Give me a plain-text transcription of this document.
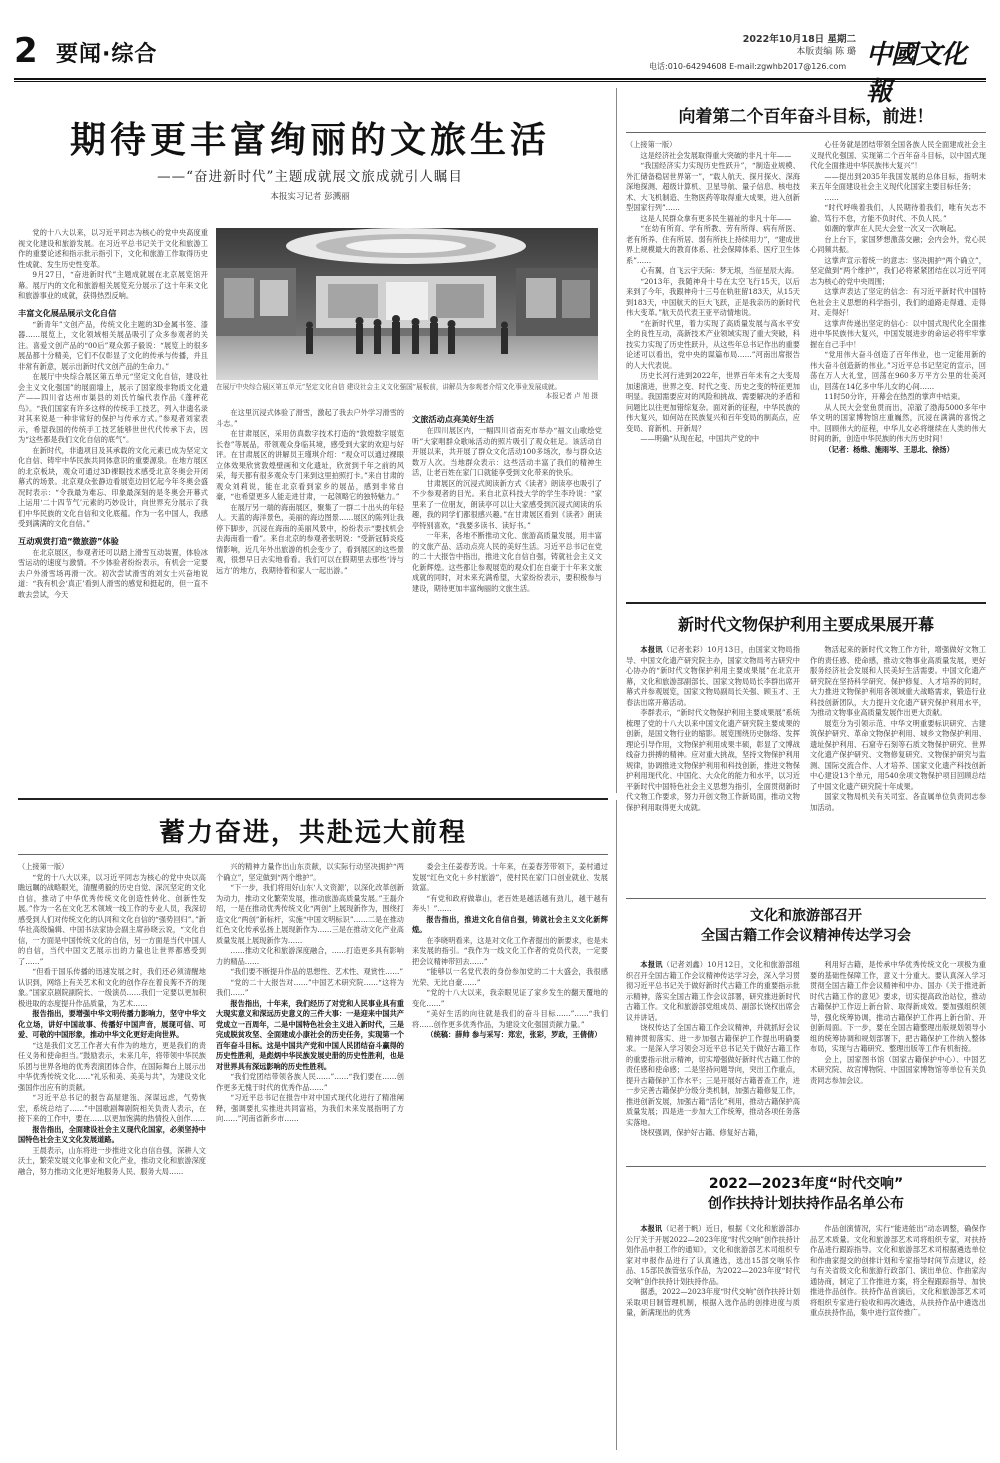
2 要闻·综合
2022年10月18日 星期二
本版责编 陈 璐
电话:010-64294608 E-mail:zgwhb2017@126.com 中國文化報
期待更丰富绚丽的文旅生活
——“奋进新时代”主题成就展文旅成就引人瞩目
本报实习记者 彭溅丽

党的十八大以来，以习近平同志为核心的党中央高度重视文化建设和旅游发展。在习近平总书记关于文化和旅游工作的重要论述和指示批示指引下，文化和旅游工作取得历史性成就、发生历史性变革。

9月27日，“奋进新时代”主题成就展在北京展览馆开幕。展厅内的文化和旅游相关展览充分展示了这十年来文化和旅游事业的成就，获得热烈反响。

丰富文化展品展示文化自信

“新青年”文创产品，传统文化主题的3D金属书签、漆器……展览上，文化领域相关展品吸引了众多参观者的关注。喜爱文创产品的“00后”观众郭子毅说：“展览上的很多展品都十分精美，它们不仅彰显了文化的传承与传播，并且非常有新意，展示出新时代文创产品的生命力。”

在展厅中央综合展区第五单元“坚定文化自信，建设社会主义文化强国”的展面墙上，展示了国家级非物质文化遗产——四川省达州市渠县的刘氏竹编代表作品《蓬秤花鸟》。“我们国家有许多这样的传统手工技艺，列入非遗名录对其来说是一种非常好的保护与传承方式。”参观者刘家表示，希望我国的传统手工技艺能够世世代代传承下去，因为“这些都是我们文化自信的底气”。

在新时代，非遗项目及其承载的文化元素已成为坚定文化自信、铸牢中华民族共同体意识的重要源泉。在地方展区的北京板块，观众可通过3D裸眼技术感受北京冬奥会开闭幕式的场景。北京观众张静边看展览边回忆起今年冬奥会盛况时表示：“令我最为难忘、印象最深刻的是冬奥会开幕式上运用‘二十四节气’元素的巧妙设计，向世界充分展示了我们中华民族的文化自信和文化底蕴。作为一名中国人，我感受到满满的文化自信。”

互动观赏打造“微旅游”体验

在北京展区，参观者还可以踏上滑雪互动装置，体验冰雪运动的速度与激情。不少体验者纷纷表示，有机会一定要去户外滑雪场再滑一次。初次尝试滑雪的刘女士兴奋地说道：“我有机会‘真正’看到人滑雪的感觉和挺起的，但一直不敢去尝试，今天

在展厅中央综合展区第五单元“坚定文化自信 建设社会主义文化强国”展板前，讲解员为参观者介绍文化事业发展成就。
本报记者 卢 旭 摄

在这里沉浸式体验了滑雪，激起了我去户外学习滑雪的斗志。”

在甘肃展区，采用仿真数字技术打造的“敦煌数字展览长卷”等展品，带领观众身临其境，感受到大家的欢迎与好评。在甘肃展区的讲解员王瑾琪介绍：“观众可以通过裸眼立体效果欣赏敦煌壁画和文化遗址，欣赏到千年之前的风采，每天都有很多观众专门来到这里拍照打卡。”来自甘肃的观众刘莉说，能在北京看到家乡的展品，感到非常自豪，“也希望更多人能走进甘肃，一起领略它的独特魅力。”

在展厅另一端的海南展区，聚集了一群二十出头的年轻人。天蓝的海洋景色，美丽的海边图景……展区的陈列让我停下脚步，沉浸在海南的美丽风景中，纷纷表示“要找机会去海南看一看”。来自北京的参观者张明说：“受新冠肺炎疫情影响，近几年外出旅游的机会变少了，看到展区的这些景观，很想早日去实地看看。我们可以在假期里去那些‘诗与远方’的地方，我期待着和家人一起出游。”

文旅活动点亮美好生活

在四川展区内，一幅四川省南充市举办“福文山歌绘党听”大家唱群众歌咏活动的照片吸引了观众驻足。该活动自开展以来，共开展了群众文化活动100多场次，参与群众达数万人次。当地群众表示：这些活动丰富了我们的精神生活，让老百姓在家门口就能享受到文化带来的快乐。

甘肃展区的沉浸式阅读新方式《读者》朗读亭也吸引了不少参观者的目光。来自北京科技大学的学生李玲说：“家里来了一位朋友，朗读亭可以让大家感受到沉浸式阅读的乐趣，我的同学们都很感兴趣。”在甘肃展区看到《读者》朗读亭特别喜欢，“我要多读书、读好书。”

一年来，各地不断推动文化、旅游高质量发展，用丰富的文旅产品、活动点亮人民的美好生活。习近平总书记在党的二十大报告中指出，推进文化自信自强，铸就社会主义文化新辉煌。这些都让参观展览的观众们在自豪于十年来文旅成就的同时，对未来充满希望，大家纷纷表示，要积极参与建设，期待更加丰富绚丽的文旅生活。

向着第二个百年奋斗目标，前进！
（上接第一版）

这是经济社会发展取得重大突破的非凡十年——

“我国经济实力实现历史性跃升”，“制造业规模、外汇储备稳居世界第一”，“载人航天、探月探火、深海深地探测、超级计算机、卫星导航、量子信息、核电技术、大飞机制造、生物医药等取得重大成果，进入创新型国家行列”……

这是人民群众拿有更多民生福祉的非凡十年——

“在幼有所育、学有所教、劳有所得、病有所医、老有所养、住有所居、弱有所扶上持续用力”，“建成世界上规模最大的教育体系、社会保障体系、医疗卫生体系”……

心有翼，自飞云宇天际：梦无垠，当征星辰大海。

“2013年，我随神舟十号在太空飞行15天，以后来到了今年，我跟神舟十三号在轨驻留183天，从15天到183天，中国航天的巨大飞跃，正是我亲历的新时代伟大变革。”航天员代表王亚平动情地说。

“在新时代里，着力实现了高质量发展与高水平安全的良性互动，高新技术产业领域实现了重大突破，科技实力实现了历史性跃升，从这些年总书记作出的重要论述可以看出，党中央的谋篇布局……”河南出席报告的人大代表说。

历史长河行进到2022年，世界百年未有之大变局加速演进，世界之变、时代之变、历史之变的特征更加明显。我国需要应对的风险和挑战、需要解决的矛盾和问题比以往更加错综复杂。面对新的征程，中华民族的伟大复兴，如何站在民族复兴和百年变局的制高点，应变局、育新机、开新局？

——明确“从现在起，中国共产党的中

心任务就是团结带领全国各族人民全面建成社会主义现代化强国、实现第二个百年奋斗目标，以中国式现代化全面推进中华民族伟大复兴”！

——提出到2035年我国发展的总体目标，指明未来五年全面建设社会主义现代化国家主要目标任务；

……

“时代呼唤着我们，人民期待着我们，唯有矢志不渝、笃行不怠，方能不负时代、不负人民。”

如潮的掌声在人民大会堂一次又一次响起。

台上台下，家国梦想激荡交融；会内会外，党心民心同频共振。

这掌声宣示着统一的意志：坚决拥护“两个确立”，坚定做到“两个维护”，我们必将紧紧团结在以习近平同志为核心的党中央周围；

这掌声表达了坚定的信念：有习近平新时代中国特色社会主义思想的科学指引，我们的道路走得通、走得对、走得好！

这掌声传递出坚定的信心：以中国式现代化全面推进中华民族伟大复兴，中国发展进步的命运必将牢牢掌握在自己手中！

“党用伟大奋斗创造了百年伟业，也一定能用新的伟大奋斗创造新的伟业。”习近平总书记坚定的宣示，回荡在万人大礼堂，回荡在960多万平方公里的壮美河山，回荡在14亿多中华儿女的心间……

11时50分许，开幕会在热烈的掌声中结束。

从人民大会堂鱼贯而出，凉澈了渤海5000多年中华文明的国家博物馆庄重巍然，沉浸在满满的喜悦之中。回顾伟大的征程，中华儿女必将继续在人类的伟大时间的新，创造中华民族的伟大历史时间！

（记者：杨维、施雨岑、王思北、徐扬）

新时代文物保护利用主要成果展开幕

本报讯（记者张彩）10月13日，由国家文物局指导、中国文化遗产研究院主办，国家文物局考古研究中心协办的“新时代文物保护利用主要成果展”在北京开幕，文化和旅游部副部长、国家文物局局长李群出席开幕式并参观展览，国家文物局副局长关强、顾玉才、王春法出席开幕活动。

李群表示，“新时代文物保护利用主要成果展”系统梳理了党的十八大以来中国文化遗产研究院主要成果的创新，是国文物行业的缩影。展览围绕历史脉络、发挥理论引导作用，文物保护利用成果丰硕，彰显了文博战线奋力拼搏的精神。应对重大挑战，坚持文物保护利用规律，协调推进文物保护利用和科技创新，推进文物保护利用现代化、中国化、大众化的能力和水平，以习近平新时代中国特色社会主义思想为指引，全面贯彻新时代文物工作要求，努力开创文物工作新局面，推动文物保护利用取得更大成就。

物活起来的新时代文物工作方针，增强做好文物工作的责任感、使命感，推动文物事业高质量发展，更好服务经济社会发展和人民美好生活需要。中国文化遗产研究院在坚持科学研究、保护修复、人才培养的同时，大力推进文物保护利用各领域重大战略需求，锻造行业科技创新团队，大力提升文化遗产研究保护利用水平，为推动文物事业高质量发展作出更大贡献。

展览分为引领示范、中华文明重要标识研究、古建筑保护研究、革命文物保护利用、城乡文物保护利用、遗址保护利用、石窟寺石刻等石质文物保护研究、世界文化遗产保护研究、文物修复研究、文物保护研究与监测、国际交流合作、人才培养、国家文化遗产科技创新中心建设13个单元，用540余项文物保护项目回顾总结了中国文化遗产研究院十年成果。

国家文物局机关有关司室、各直属单位负责同志参加活动。

文化和旅游部召开
全国古籍工作会议精神传达学习会

本报讯（记者刘鑫）10月12日，文化和旅游部组织召开全国古籍工作会议精神传达学习会，深入学习贯彻习近平总书记关于做好新时代古籍工作的重要指示批示精神，落实全国古籍工作会议部署，研究推进新时代古籍工作。文化和旅游部党组成员、副部长饶权出席会议并讲话。

饶权传达了全国古籍工作会议精神，并就抓好会议精神贯彻落实、进一步加强古籍保护工作提出明确要求。一是深入学习领会习近平总书记关于做好古籍工作的重要指示批示精神，切实增强做好新时代古籍工作的责任感和使命感；二是坚持问题导向，突出工作重点，提升古籍保护工作水平；三是开展好古籍普查工作，进一步完善古籍保护分级分类机制，加强古籍修复工作，推进创新发展，加强古籍“活化”利用，推动古籍保护高质量发展；四是进一步加大工作统筹，推动各项任务落实落地。

饶权强调，保护好古籍、修复好古籍，

利用好古籍，是传承中华优秀传统文化一项极为重要的基础性保障工作，意义十分重大。要认真深入学习贯彻全国古籍工作会议精神和中办、国办《关于推进新时代古籍工作的意见》要求，切实提高政治站位，推动古籍保护工作迈上新台阶、取得新成效。要加强组织领导，强化统筹协调，推动古籍保护工作再上新台阶、开创新局面。下一步，要在全国古籍整理出版规划领导小组的统筹协调和规划部署下，把古籍保护工作纳入整体布局，实现与古籍研究、整理出版等工作有机衔接。

会上，国家图书馆（国家古籍保护中心）、中国艺术研究院、故宫博物院、中国国家博物馆等单位有关负责同志参加会议。

2022—2023年度“时代交响”
创作扶持计划扶持作品名单公布

本报讯（记者于帆）近日，根据《文化和旅游部办公厅关于开展2022—2023年度“时代交响”创作扶持计划作品申报工作的通知》，文化和旅游部艺术司组织专家对申报作品进行了认真遴选，选出15部交响乐作品、15部民族管弦乐作品，为2022—2023年度“时代交响”创作扶持计划扶持作品。

据悉，2022—2023年度“时代交响”创作扶持计划采取项目制管理机制，根据入选作品的创排进度与质量，新满现出的优秀

作品创演情况，实行“能进能出”动态调整，确保作品艺术质量。文化和旅游部艺术司将组织专家，对扶持作品进行跟踪指导。文化和旅游部艺术司根据遴选单位和作曲家提交的创排计划和专家指导时间节点建议，经与有关省级文化和旅游行政部门、演出单位、作曲家沟通协商，制定了工作推进方案，将全程跟踪指导、加快推进作品创作。扶持作品首演后，文化和旅游部艺术司将组织专家进行验收和再次遴选，从扶持作品中遴选出重点扶持作品，集中进行宣传推广。

蓄力奋进，共赴远大前程
（上接第一版）

“党的十八大以来，以习近平同志为核心的党中央以高瞻远瞩的战略眼光，清醒勇毅的历史自觉、深沉坚定的文化自信，推动了中华优秀传统文化创造性转化、创新性发展。”作为一名在文化艺术领域一线工作的专业人员，我深切感受到人们对传统文化的认同和文化自信的“强势回归”。”新华社高级编辑、中国书法家协会副主席孙晓云说，“文化自信，一方面是中国传统文化的自信，另一方面是当代中国人的自信，当代中国文艺展示出的力量也让世界都感受到了……”

“但看于国乐传播的迅速发展之时，我们还必须清醒地认识到，网络上有关艺术和文化的创作存在着良莠不齐的现象。”国家京剧院副院长、一级演员……我们一定要以更加积极进取的态度提升作品质量，为艺术……

报告指出，要增强中华文明传播力影响力，坚守中华文化立场，讲好中国故事、传播好中国声音，展现可信、可爱、可敬的中国形象，推动中华文化更好走向世界。

“这是我们文艺工作者大有作为的地方，更是我们的责任义务和使命担当。”鼓励表示，未来几年，将带领中华民族乐团与世界各地的优秀表演团体合作，在国际舞台上展示出中华优秀传统文化……“礼乐和美、美美与共”，为建设文化强国作出应有的贡献。

“习近平总书记的报告高屋建瓴、深谋远虑，气势恢宏，系统总结了……”中国歌剧舞剧院相关负责人表示，在接下来的工作中，要在……以更加饱满的热情投入创作……

报告指出，全面建设社会主义现代化国家，必须坚持中国特色社会主义文化发展道路。

王晨表示，山东将进一步推进文化自信自强，深耕人文沃土，繁荣发展文化事业和文化产业，推动文化和旅游深度融合，努力推动文化更好地服务人民、服务大局……

兴的精神力量作出山东贡献，以实际行动坚决拥护“两个确立”，坚定做到“两个维护”。

“下一步，我们将用好山东‘人文资源’，以深化改革创新为动力，推动文化繁荣发展，推动旅游高质量发展。”王磊介绍，一是在推动优秀传统文化“两创”上展现新作为，围绕打造文化“两创”新标杆，实施“中国文明标识”……二是在推动红色文化传承弘扬上展现新作为……三是在推动文化产业高质量发展上展现新作为……

……推动文化和旅游深度融合，……打造更多具有影响力的精品……

“我们要不断提升作品的思想性、艺术性、观赏性……”

“党的二十大报告对……”中国艺术研究院……“这将为我们……”

报告指出，十年来，我们经历了对党和人民事业具有重大现实意义和深远历史意义的三件大事：一是迎来中国共产党成立一百周年，二是中国特色社会主义进入新时代，三是完成脱贫攻坚、全面建成小康社会的历史任务，实现第一个百年奋斗目标。这是中国共产党和中国人民团结奋斗赢得的历史性胜利，是彪炳中华民族发展史册的历史性胜利，也是对世界具有深远影响的历史性胜利。

“我们党团结带领各族人民……”……“我们要在……创作更多无愧于时代的优秀作品……”

“习近平总书记在报告中对中国式现代化进行了精准阐释，强调要扎实推进共同富裕，为我们未来发展指明了方向……”河南省新乡市……

委会主任姜春芳说。十年来，在姜春芳带领下，姜村通过发展“红色文化＋乡村旅游”，使村民在家门口创业就业、发展致富。

“有党和政府做靠山，老百姓是越活越有劲儿，越干越有奔头！”……

报告指出，推进文化自信自强，铸就社会主义文化新辉煌。

在李晓明看来，这是对文化工作者提出的新要求，也是未来发展的指引。“我作为一线文化工作者的党员代表，一定要把会议精神带回去……”

“能够以一名党代表的身份参加党的二十大盛会，我很感光荣、无比自豪……”

“党的十八大以来，我亲眼见证了家乡发生的翻天覆地的变化……”

“美好生活的向往就是我们的奋斗目标……”……“我们将……创作更多优秀作品，为建设文化强国贡献力量。”

（统稿：薛帅 参与采写：郑宏，张彩，罗政，王倩倩）
